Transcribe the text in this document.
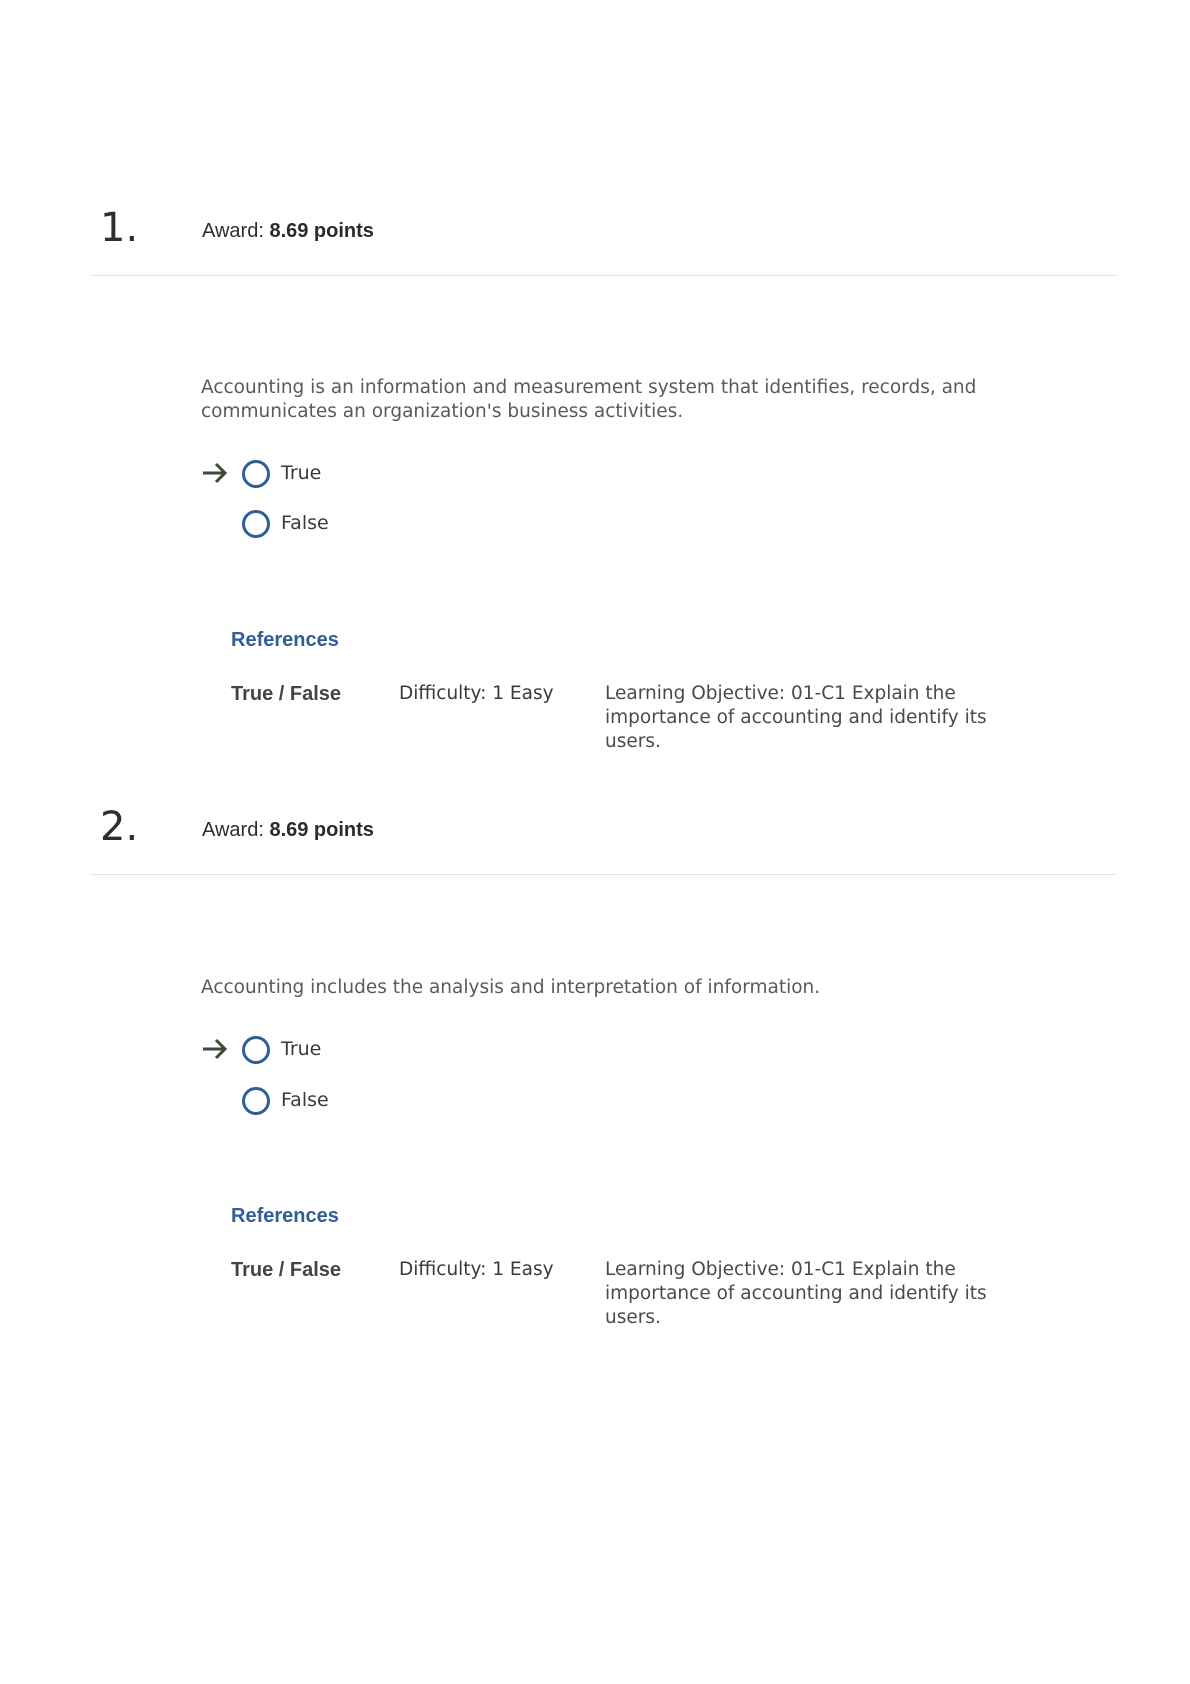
1.	Award: 8.69 points
Accounting is an information and measurement system that identifies, records, and communicates an organization's business activities.
True
False
References
True / False	Difficulty: 1 Easy	Learning Objective: 01-C1 Explain the importance of accounting and identify its users.
2.	Award: 8.69 points
Accounting includes the analysis and interpretation of information.
True
False
References
True / False	Difficulty: 1 Easy	Learning Objective: 01-C1 Explain the importance of accounting and identify its users.
